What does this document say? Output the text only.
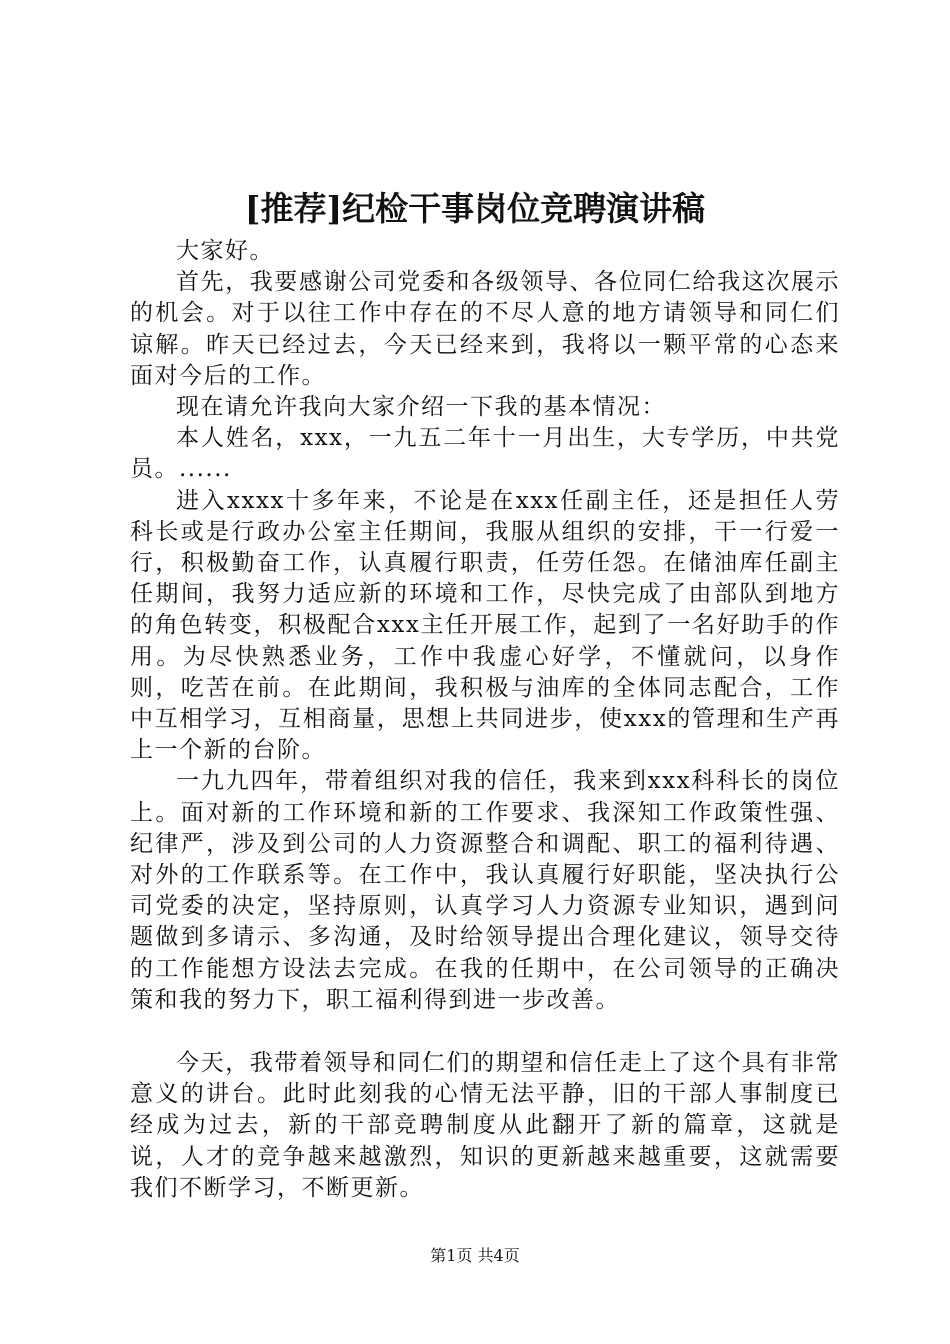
[推荐]纪检干事岗位竞聘演讲稿

大家好。

首先，我要感谢公司党委和各级领导、各位同仁给我这次展示的机会。对于以往工作中存在的不尽人意的地方请领导和同仁们谅解。昨天已经过去，今天已经来到，我将以一颗平常的心态来面对今后的工作。

现在请允许我向大家介绍一下我的基本情况：

本人姓名，xxx，一九五二年十一月出生，大专学历，中共党员。......

进入xxxx十多年来，不论是在xxx任副主任，还是担任人劳科长或是行政办公室主任期间，我服从组织的安排，干一行爱一行，积极勤奋工作，认真履行职责，任劳任怨。在储油库任副主任期间，我努力适应新的环境和工作，尽快完成了由部队到地方的角色转变，积极配合xxx主任开展工作，起到了一名好助手的作用。为尽快熟悉业务，工作中我虚心好学，不懂就问，以身作则，吃苦在前。在此期间，我积极与油库的全体同志配合，工作中互相学习，互相商量，思想上共同进步，使xxx的管理和生产再上一个新的台阶。

一九九四年，带着组织对我的信任，我来到xxx科科长的岗位上。面对新的工作环境和新的工作要求、我深知工作政策性强、纪律严，涉及到公司的人力资源整合和调配、职工的福利待遇、对外的工作联系等。在工作中，我认真履行好职能，坚决执行公司党委的决定，坚持原则，认真学习人力资源专业知识，遇到问题做到多请示、多沟通，及时给领导提出合理化建议，领导交待的工作能想方设法去完成。在我的任期中，在公司领导的正确决策和我的努力下，职工福利得到进一步改善。

今天，我带着领导和同仁们的期望和信任走上了这个具有非常意义的讲台。此时此刻我的心情无法平静，旧的干部人事制度已经成为过去，新的干部竞聘制度从此翻开了新的篇章，这就是说，人才的竞争越来越激烈，知识的更新越来越重要，这就需要我们不断学习，不断更新。

第1页 共4页
